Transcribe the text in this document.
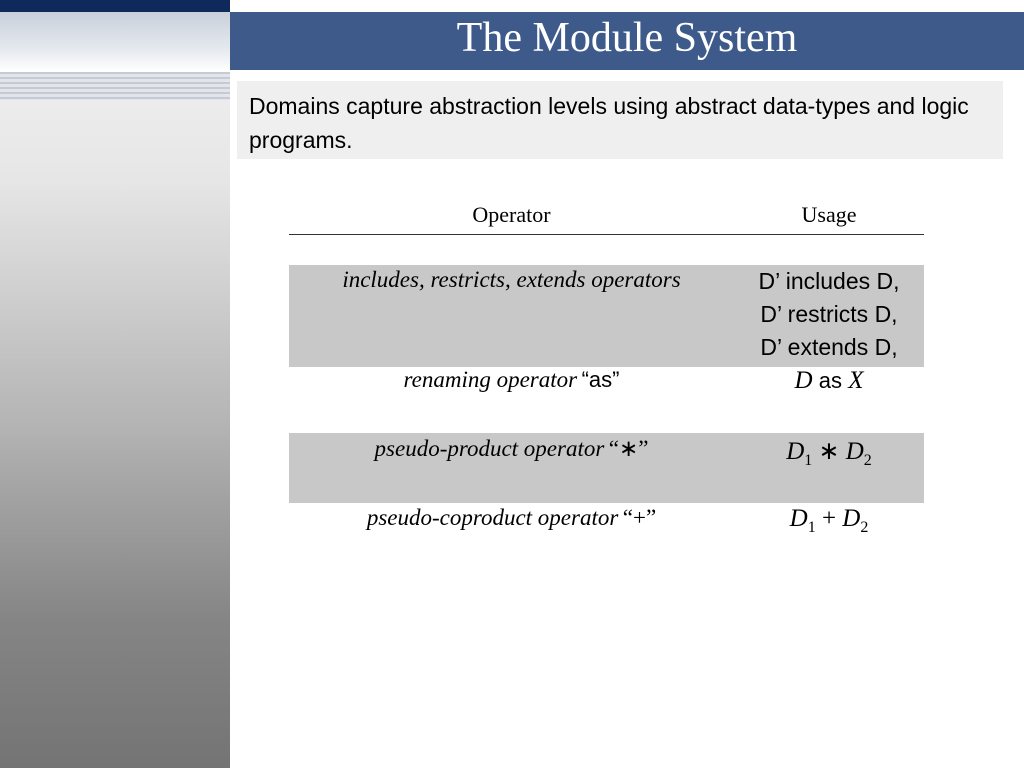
The Module System
Domains capture abstraction levels using abstract data-types and logic programs.
Operator	Usage

includes, restricts, extends operators	D’ includes D,
D’ restricts D,
D’ extends D,

renaming operator “as”	D as X

pseudo-product operator “∗”	$D_1$ ∗ $D_2$
pseudo-coproduct operator “+”	$D_1 + D_2$
